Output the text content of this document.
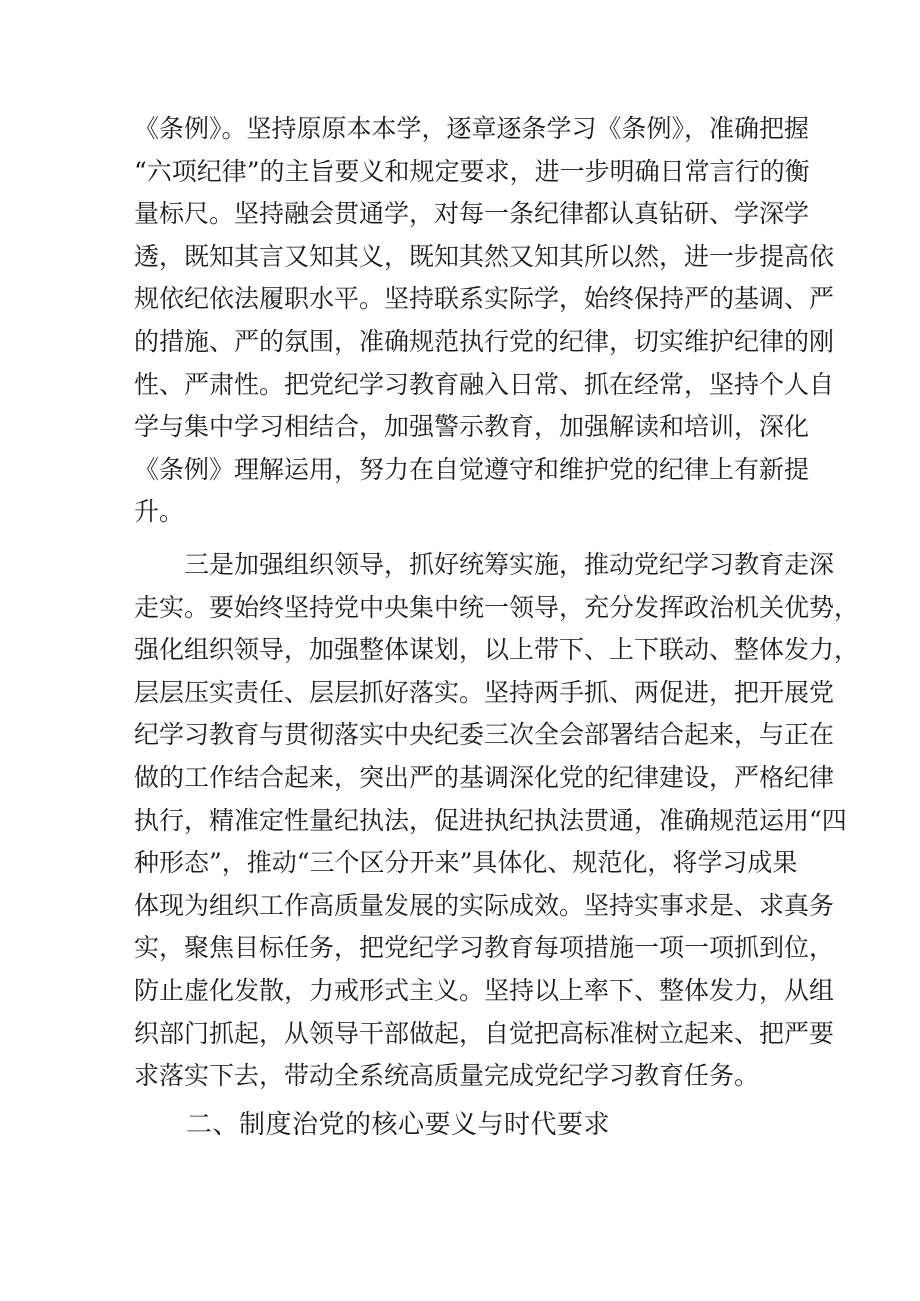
《条例》。坚持原原本本学，逐章逐条学习《条例》，准确把握
“六项纪律”的主旨要义和规定要求，进一步明确日常言行的衡
量标尺。坚持融会贯通学，对每一条纪律都认真钻研、学深学
透，既知其言又知其义，既知其然又知其所以然，进一步提高依
规依纪依法履职水平。坚持联系实际学，始终保持严的基调、严
的措施、严的氛围，准确规范执行党的纪律，切实维护纪律的刚
性、严肃性。把党纪学习教育融入日常、抓在经常，坚持个人自
学与集中学习相结合，加强警示教育，加强解读和培训，深化
《条例》理解运用，努力在自觉遵守和维护党的纪律上有新提
升。
三是加强组织领导，抓好统筹实施，推动党纪学习教育走深
走实。要始终坚持党中央集中统一领导，充分发挥政治机关优势，
强化组织领导，加强整体谋划，以上带下、上下联动、整体发力，
层层压实责任、层层抓好落实。坚持两手抓、两促进，把开展党
纪学习教育与贯彻落实中央纪委三次全会部署结合起来，与正在
做的工作结合起来，突出严的基调深化党的纪律建设，严格纪律
执行，精准定性量纪执法，促进执纪执法贯通，准确规范运用“四
种形态”，推动“三个区分开来”具体化、规范化，将学习成果
体现为组织工作高质量发展的实际成效。坚持实事求是、求真务
实，聚焦目标任务，把党纪学习教育每项措施一项一项抓到位，
防止虚化发散，力戒形式主义。坚持以上率下、整体发力，从组
织部门抓起，从领导干部做起，自觉把高标准树立起来、把严要
求落实下去，带动全系统高质量完成党纪学习教育任务。
二、制度治党的核心要义与时代要求
